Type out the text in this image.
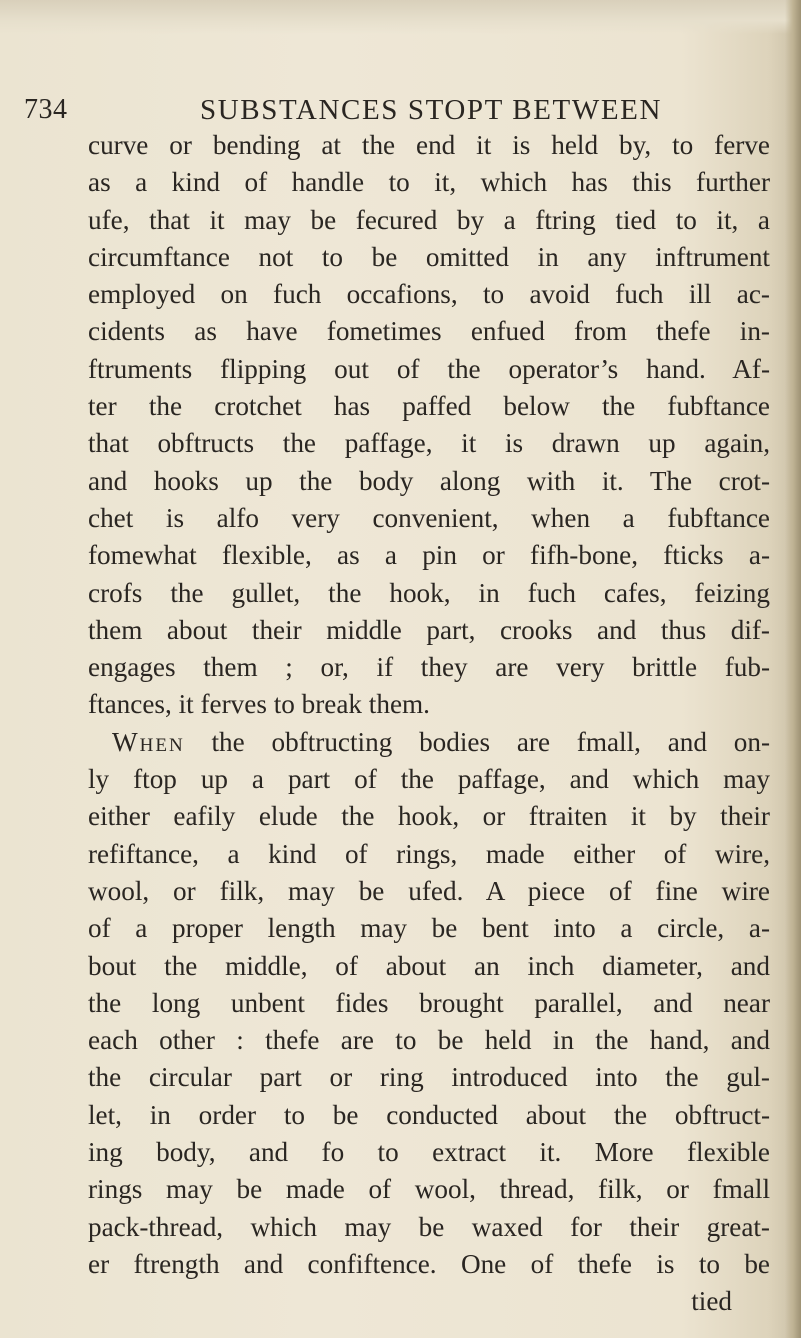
734	SUBSTANCES STOPT BETWEEN
curve or bending at the end it is held by, to ferve
as a kind of handle to it, which has this further
ufe, that it may be fecured by a ftring tied to it, a
circumftance not to be omitted in any inftrument
employed on fuch occafions, to avoid fuch ill ac-
cidents as have fometimes enfued from thefe in-
ftruments flipping out of the operator’s hand. Af-
ter the crotchet has paffed below the fubftance
that obftructs the paffage, it is drawn up again,
and hooks up the body along with it. The crot-
chet is alfo very convenient, when a fubftance
fomewhat flexible, as a pin or fifh-bone, fticks a-
crofs the gullet, the hook, in fuch cafes, feizing
them about their middle part, crooks and thus dif-
engages them ; or, if they are very brittle fub-
ftances, it ferves to break them.
When the obftructing bodies are fmall, and on-
ly ftop up a part of the paffage, and which may
either eafily elude the hook, or ftraiten it by their
refiftance, a kind of rings, made either of wire,
wool, or filk, may be ufed. A piece of fine wire
of a proper length may be bent into a circle, a-
bout the middle, of about an inch diameter, and
the long unbent fides brought parallel, and near
each other : thefe are to be held in the hand, and
the circular part or ring introduced into the gul-
let, in order to be conducted about the obftruct-
ing body, and fo to extract it. More flexible
rings may be made of wool, thread, filk, or fmall
pack-thread, which may be waxed for their great-
er ftrength and confiftence. One of thefe is to be
tied
